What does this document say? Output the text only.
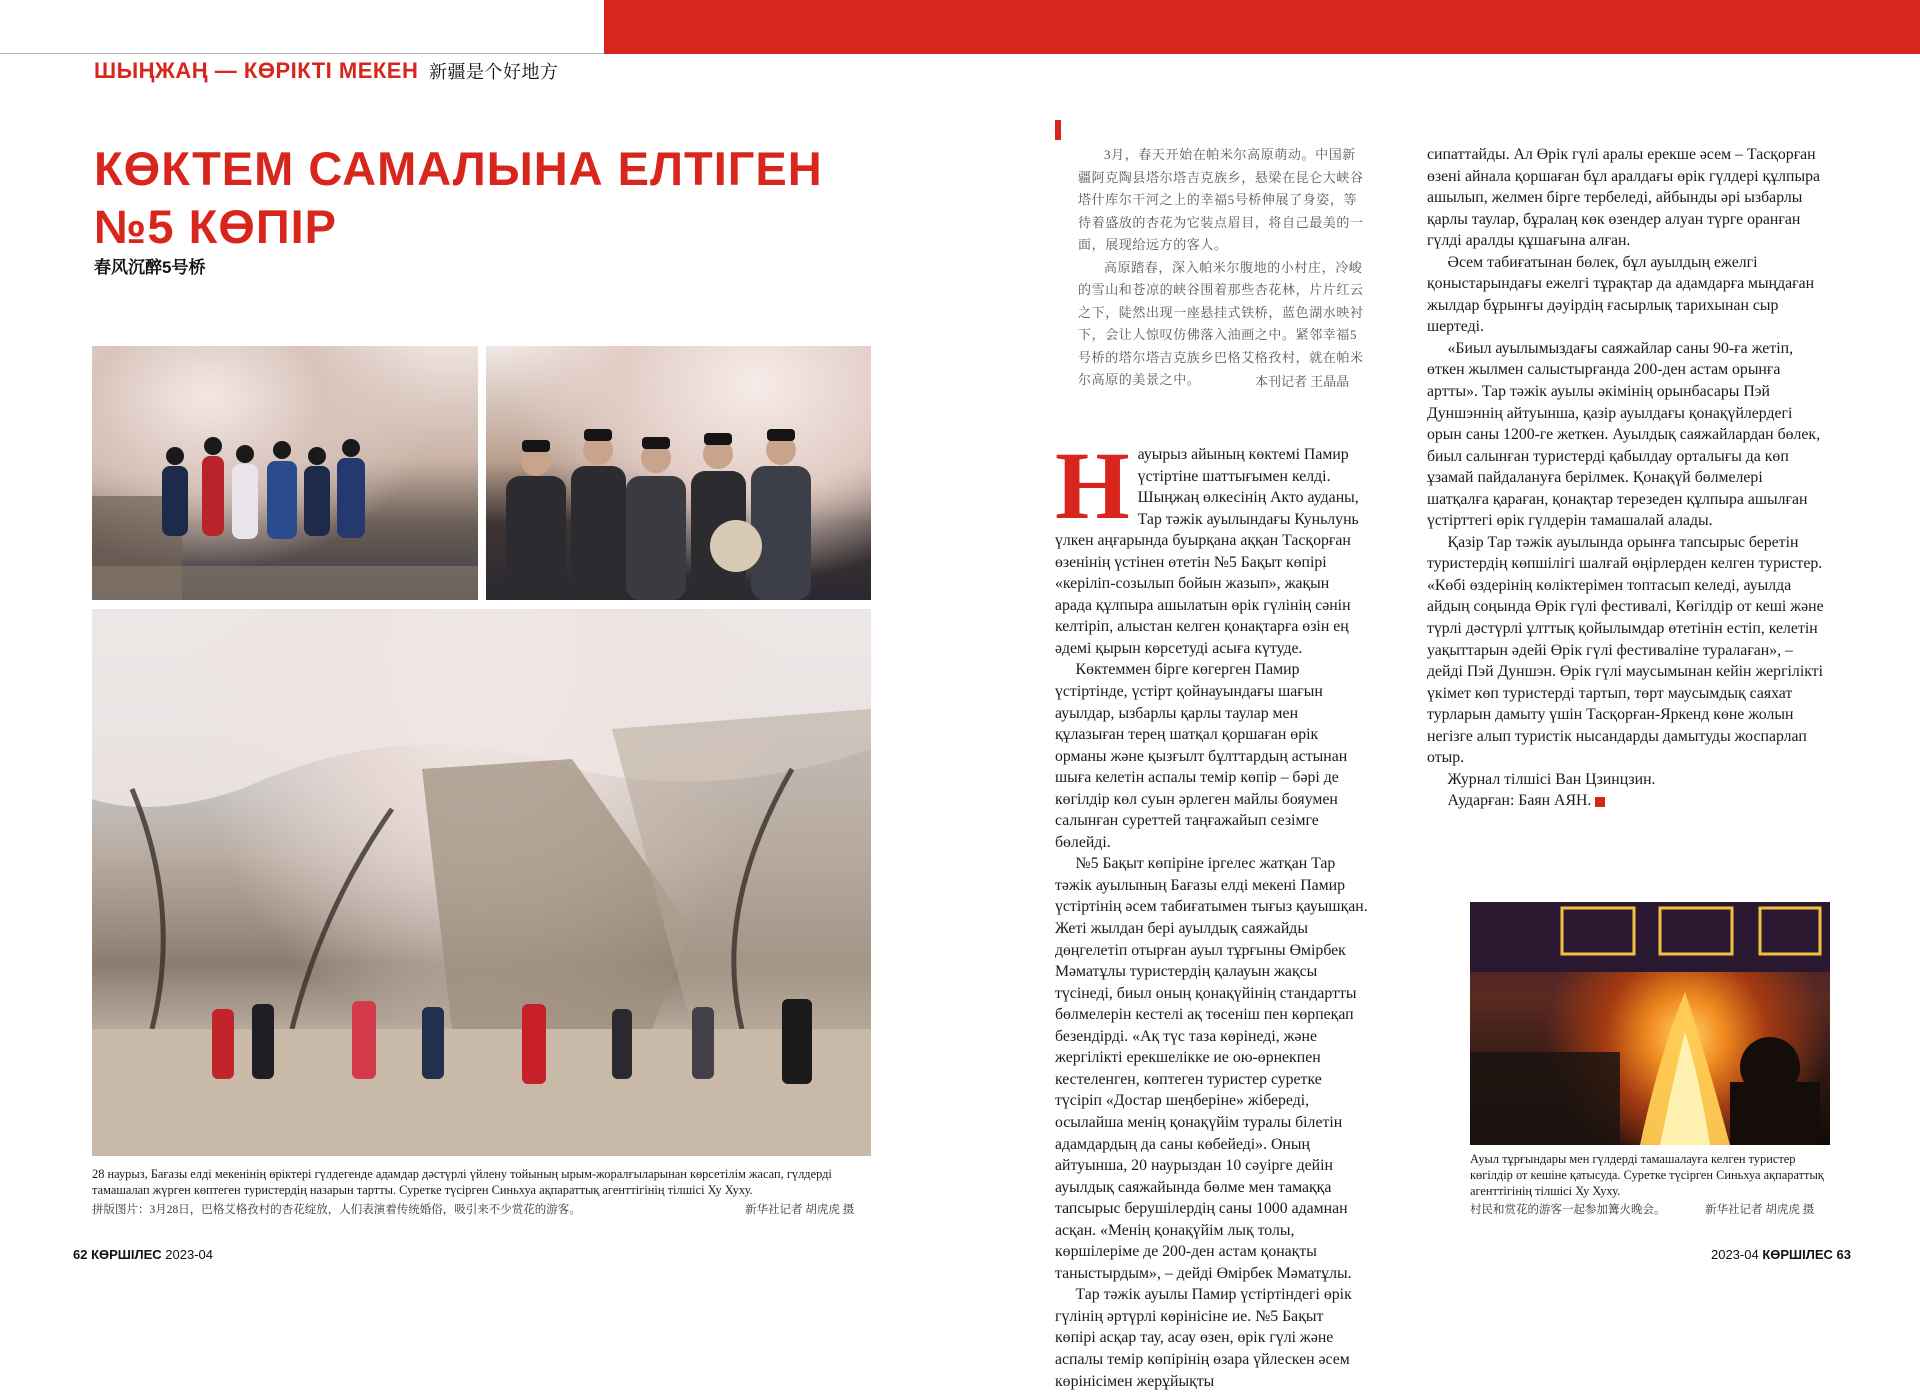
ШЫҢЖАҢ — КӨРІКТІ МЕКЕН 新疆是个好地方
КӨКТЕМ САМАЛЫНА ЕЛТІГЕН №5 КӨПІР
春风沉醉5号桥

28 наурыз, Бағазы елді мекенінің өріктері гүлдегенде адамдар дәстүрлі үйлену тойының ырым-жоралғыларынан көрсетілім жасап, гүлдерді тамашалап жүрген көптеген туристердің назарын тартты. Суретке түсірген Синьхуа ақпараттық агенттігінің тілшісі Ху Хуху.

拼版图片：3月28日，巴格艾格孜村的杏花绽放，人们表演着传统婚俗，吸引来不少赏花的游客。	新华社记者 胡虎虎 摄

Ауыл тұрғындары мен гүлдерді тамашалауға келген туристер көгілдір от кешіне қатысуда. Суретке түсірген Синьхуа ақпараттық агенттігінің тілшісі Ху Хуху.

村民和赏花的游客一起参加篝火晚会。	新华社记者 胡虎虎 摄

3月，春天开始在帕米尔高原萌动。中国新疆阿克陶县塔尔塔吉克族乡，悬梁在昆仑大峡谷塔什库尔干河之上的幸福5号桥伸展了身姿，等待着盛放的杏花为它装点眉目，将自己最美的一面，展现给远方的客人。

高原踏春，深入帕米尔腹地的小村庄，冷峻的雪山和苍凉的峡谷围着那些杏花林，片片红云之下，陡然出现一座悬挂式铁桥，蓝色湖水映衬下，会让人惊叹仿佛落入油画之中。紧邻幸福5号桥的塔尔塔吉克族乡巴格艾格孜村，就在帕米尔高原的美景之中。	本刊记者 王晶晶

Науырыз айының көктемі Памир үстіртіне шаттығымен келді. Шыңжаң өлкесінің Акто ауданы, Тар тәжік ауылындағы Куньлунь үлкен аңғарында буырқана аққан Тасқорған өзенінің үстінен өтетін №5 Бақыт көпірі «керіліп-созылып бойын жазып», жақын арада құлпыра ашылатын өрік гүлінің сәнін келтіріп, алыстан келген қонақтарға өзін ең әдемі қырын көрсетуді асыға күтуде.

Көктеммен бірге көгерген Памир үстіртінде, үстірт қойнауындағы шағын ауылдар, ызбарлы қарлы таулар мен құлазыған терең шатқал қоршаған өрік орманы және қызғылт бұлттардың астынан шыға келетін аспалы темір көпір – бәрі де көгілдір көл суын әрлеген майлы бояумен салынған суреттей таңғажайып сезімге бөлейді.

№5 Бақыт көпіріне іргелес жатқан Тар тәжік ауылының Бағазы елді мекені Памир үстіртінің әсем табиғатымен тығыз қауышқан. Жеті жылдан бері ауылдық саяжайды дөңгелетіп отырған ауыл тұрғыны Өмірбек Мәматұлы туристердің қалауын жақсы түсінеді, биыл оның қонақүйінің стандартты бөлмелерін кестелі ақ төсеніш пен көрпеқап безендірді. «Ақ түс таза көрінеді, және жергілікті ерекшелікке ие ою-өрнекпен кестеленген, көптеген туристер суретке түсіріп «Достар шеңберіне» жібереді, осылайша менің қонақүйім туралы білетін адамдардың да саны көбейеді». Оның айтуынша, 20 наурыздан 10 сәуірге дейін ауылдық саяжайында бөлме мен тамаққа тапсырыс берушілердің саны 1000 адамнан асқан. «Менің қонақүйім лық толы, көршілеріме де 200-ден астам қонақты таныстырдым», – дейді Өмірбек Мәматұлы.

Тар тәжік ауылы Памир үстіртіндегі өрік гүлінің әртүрлі көрінісіне ие. №5 Бақыт көпірі асқар тау, асау өзен, өрік гүлі және аспалы темір көпірінің өзара үйлескен әсем көрінісімен жерұйықты

сипаттайды. Ал Өрік гүлі аралы ерекше әсем – Тасқорған өзені айнала қоршаған бұл аралдағы өрік гүлдері құлпыра ашылып, желмен бірге тербеледі, айбынды әрі ызбарлы қарлы таулар, бұралаң көк өзендер алуан түрге оранған гүлді аралды құшағына алған.

Әсем табиғатынан бөлек, бұл ауылдың ежелгі қоныстарындағы ежелгі тұрақтар да адамдарға мыңдаған жылдар бұрынғы дәуірдің ғасырлық тарихынан сыр шертеді.

«Биыл ауылымыздағы саяжайлар саны 90-ға жетіп, өткен жылмен салыстырғанда 200-ден астам орынға артты». Тар тәжік ауылы әкімінің орынбасары Пэй Дуншэннің айтуынша, қазір ауылдағы қонақүйлердегі орын саны 1200-ге жеткен. Ауылдық саяжайлардан бөлек, биыл салынған туристерді қабылдау орталығы да көп ұзамай пайдалануға берілмек. Қонақүй бөлмелері шатқалға қараған, қонақтар терезеден құлпыра ашылған үстірттегі өрік гүлдерін тамашалай алады.

Қазір Тар тәжік ауылында орынға тапсырыс беретін туристердің көпшілігі шалғай өңірлерден келген туристер. «Көбі өздерінің көліктерімен топтасып келеді, ауылда айдың соңында Өрік гүлі фестивалі, Көгілдір от кеші және түрлі дәстүрлі ұлттық қойылымдар өтетінін естіп, келетін уақыттарын әдейі Өрік гүлі фестиваліне туралаған», – дейді Пэй Дуншэн. Өрік гүлі маусымынан кейін жергілікті үкімет көп туристерді тартып, төрт маусымдық саяхат турларын дамыту үшін Тасқорған-Яркенд көне жолын негізге алып туристік нысандарды дамытуды жоспарлап отыр.

Журнал тілшісі Ван Цзинцзин.

Аударған: Баян АЯН.

62 КӨРШІЛЕС 2023-04	2023-04 КӨРШІЛЕС 63
